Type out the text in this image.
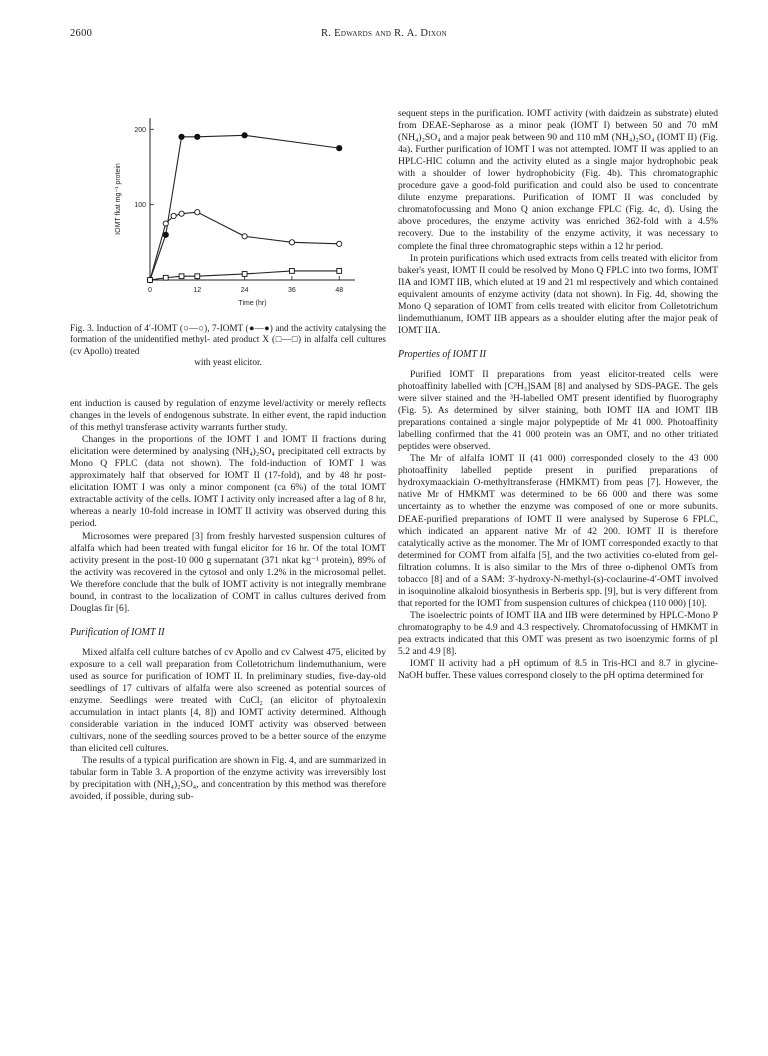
2600	R. Edwards and R. A. Dixon
0	12	24	36	48
100
200
Time (hr)
IOMT fkat mg⁻¹ protein
Fig. 3. Induction of 4′-IOMT (○—○), 7-IOMT (●—●) and the activity catalysing the formation of the unidentified methyl- ated product X (□—□) in alfalfa cell cultures (cv Apollo) treated
with yeast elicitor.

ent induction is caused by regulation of enzyme level/activity or merely reflects changes in the levels of endogenous substrate. In either event, the rapid induction of this methyl transferase activity warrants further study.

Changes in the proportions of the IOMT I and IOMT II fractions during elicitation were determined by analysing (NH₄)₂SO₄ precipitated cell extracts by Mono Q FPLC (data not shown). The fold-induction of IOMT I was approximately half that observed for IOMT II (17-fold), and by 48 hr post-elicitation IOMT I was only a minor component (ca 6%) of the total IOMT extractable activity of the cells. IOMT I activity only increased after a lag of 8 hr, whereas a nearly 10-fold increase in IOMT II activity was observed during this period.

Microsomes were prepared [3] from freshly harvested suspension cultures of alfalfa which had been treated with fungal elicitor for 16 hr. Of the total IOMT activity present in the post-10 000 g supernatant (371 nkat kg⁻¹ protein), 89% of the activity was recovered in the cytosol and only 1.2% in the microsomal pellet. We therefore conclude that the bulk of IOMT activity is not integrally membrane bound, in contrast to the localization of COMT in callus cultures derived from Douglas fir [6].

Purification of IOMT II

Mixed alfalfa cell culture batches of cv Apollo and cv Calwest 475, elicited by exposure to a cell wall preparation from Colletotrichum lindemuthanium, were used as source for purification of IOMT II. In preliminary studies, five-day-old seedlings of 17 cultivars of alfalfa were also screened as potential sources of enzyme. Seedlings were treated with CuCl₂ (an elicitor of phytoalexin accumulation in intact plants [4, 8]) and IOMT activity determined. Although considerable variation in the induced IOMT activity was observed between cultivars, none of the seedling sources proved to be a better source of the enzyme than elicited cell cultures.

The results of a typical purification are shown in Fig. 4, and are summarized in tabular form in Table 3. A proportion of the enzyme activity was irreversibly lost by precipitation with (NH₄)₂SO₄, and concentration by this method was therefore avoided, if possible, during sub-

sequent steps in the purification. IOMT activity (with daidzein as substrate) eluted from DEAE-Sepharose as a minor peak (IOMT I) between 50 and 70 mM (NH₄)₂SO₄ and a major peak between 90 and 110 mM (NH₄)₂SO₄ (IOMT II) (Fig. 4a). Further purification of IOMT I was not attempted. IOMT II was applied to an HPLC-HIC column and the activity eluted as a single major hydrophobic peak with a shoulder of lower hydrophobicity (Fig. 4b). This chromatographic procedure gave a good-fold purification and could also be used to concentrate dilute enzyme preparations. Purification of IOMT II was concluded by chromatofocussing and Mono Q anion exchange FPLC (Fig. 4c, d). Using the above procedures, the enzyme activity was enriched 362-fold with a 4.5% recovery. Due to the instability of the enzyme activity, it was necessary to complete the final three chromatographic steps within a 12 hr period.

In protein purifications which used extracts from cells treated with elicitor from baker's yeast, IOMT II could be resolved by Mono Q FPLC into two forms, IOMT IIA and IOMT IIB, which eluted at 19 and 21 ml respectively and which contained equivalent amounts of enzyme activity (data not shown). In Fig. 4d, showing the Mono Q separation of IOMT from cells treated with elicitor from Colletotrichum lindemuthianum, IOMT IIB appears as a shoulder eluting after the major peak of IOMT IIA.

Properties of IOMT II

Purified IOMT II preparations from yeast elicitor-treated cells were photoaffinity labelled with [C³H₃]SAM [8] and analysed by SDS-PAGE. The gels were silver stained and the ³H-labelled OMT present identified by fluorography (Fig. 5). As determined by silver staining, both IOMT IIA and IOMT IIB preparations contained a single major polypeptide of Mr 41 000. Photoaffinity labelling confirmed that the 41 000 protein was an OMT, and no other tritiated peptides were observed.

The Mr of alfalfa IOMT II (41 000) corresponded closely to the 43 000 photoaffinity labelled peptide present in purified preparations of hydroxymaackiain O-methyltransferase (HMKMT) from peas [7]. However, the native Mr of HMKMT was determined to be 66 000 and there was some uncertainty as to whether the enzyme was composed of one or more subunits. DEAE-purified preparations of IOMT II were analysed by Superose 6 FPLC, which indicated an apparent native Mr of 42 200. IOMT II is therefore catalytically active as the monomer. The Mr of IOMT corresponded exactly to that determined for COMT from alfalfa [5], and the two activities co-eluted from gel-filtration columns. It is also similar to the Mrs of three o-diphenol OMTs from tobacco [8] and of a SAM: 3′-hydroxy-N-methyl-(s)-coclaurine-4′-OMT involved in isoquinoline alkaloid biosynthesis in Berberis spp. [9], but is very different from that reported for the IOMT from suspension cultures of chickpea (110 000) [10].

The isoelectric points of IOMT IIA and IIB were determined by HPLC-Mono P chromatography to be 4.9 and 4.3 respectively. Chromatofocussing of HMKMT in pea extracts indicated that this OMT was present as two isoenzymic forms of pI 5.2 and 4.9 [8].

IOMT II activity had a pH optimum of 8.5 in Tris-HCl and 8.7 in glycine-NaOH buffer. These values correspond closely to the pH optima determined for
